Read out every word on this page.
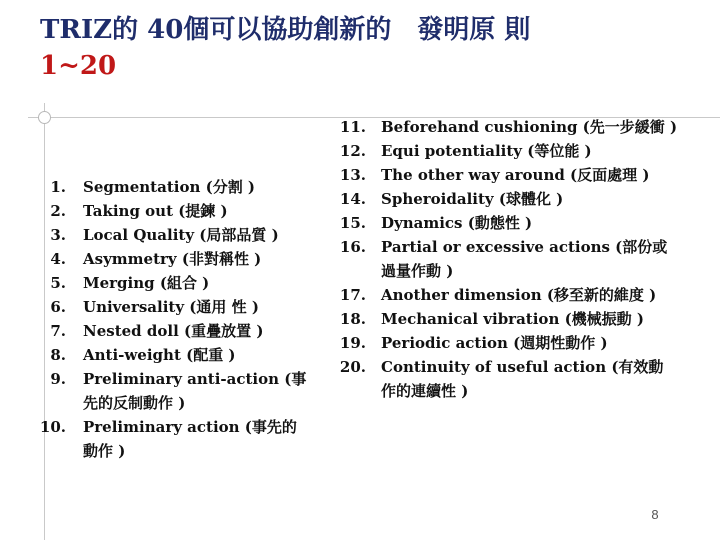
TRIZ的 40個可以協助創新的　發明原 則
1~20
1. Segmentation (分割 )
2. Taking out (提鍊 )
3. Local Quality (局部品質 )
4. Asymmetry (非對稱性 )
5. Merging (組合 )
6. Universality (通用 性 )
7. Nested doll (重疊放置 )
8. Anti-weight (配重 )
9. Preliminary anti-action (事
先的反制動作 )
10. Preliminary action (事先的
動作 )
11. Beforehand cushioning (先一步緩衝 )
12. Equi potentiality (等位能 )
13. The other way around (反面處理 )
14. Spheroidality (球體化 )
15. Dynamics (動態性 )
16. Partial or excessive actions (部份或
過量作動 )
17. Another dimension (移至新的維度 )
18. Mechanical vibration (機械振動 )
19. Periodic action (週期性動作 )
20. Continuity of useful action (有效動
作的連續性 )
8
